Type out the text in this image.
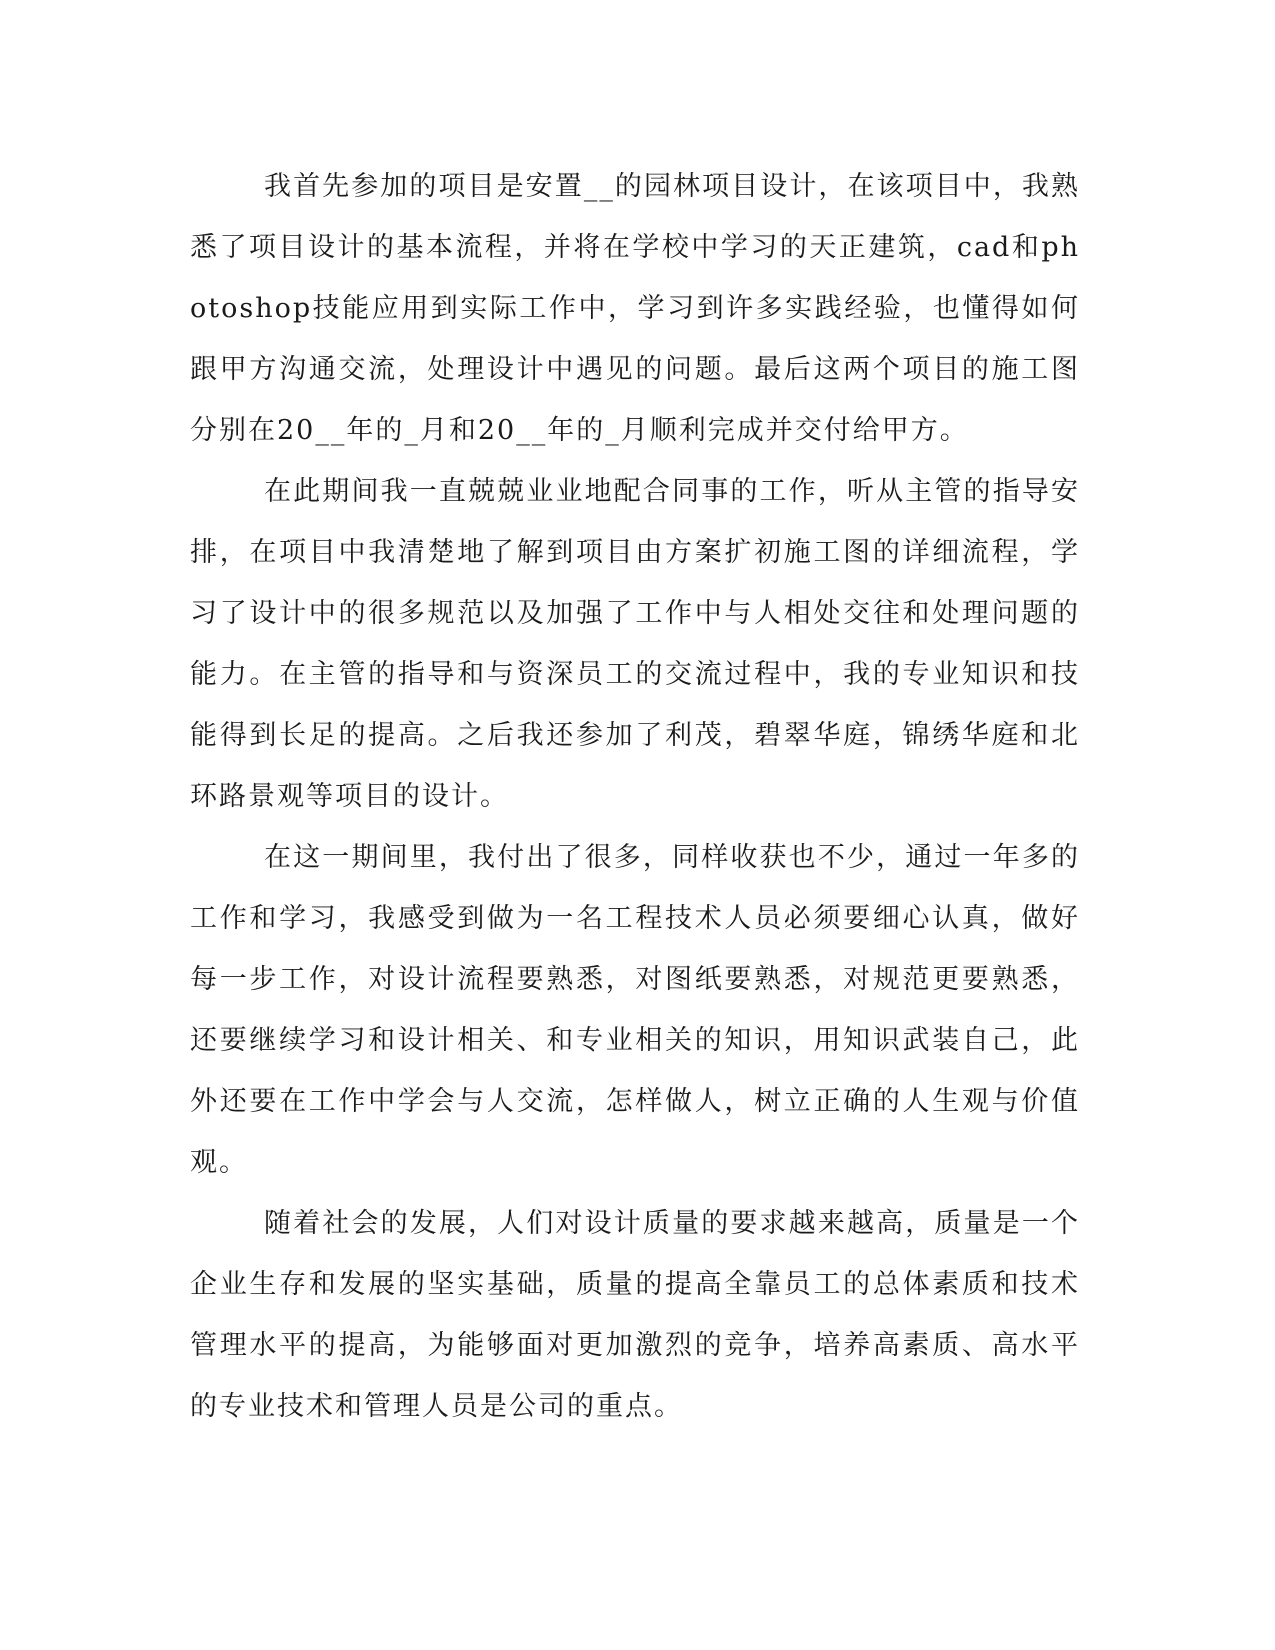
我首先参加的项目是安置__的园林项目设计，在该项目中，我熟悉了项目设计的基本流程，并将在学校中学习的天正建筑，cad和photoshop技能应用到实际工作中，学习到许多实践经验，也懂得如何跟甲方沟通交流，处理设计中遇见的问题。最后这两个项目的施工图分别在20__年的_月和20__年的_月顺利完成并交付给甲方。

在此期间我一直兢兢业业地配合同事的工作，听从主管的指导安排，在项目中我清楚地了解到项目由方案扩初施工图的详细流程，学习了设计中的很多规范以及加强了工作中与人相处交往和处理问题的能力。在主管的指导和与资深员工的交流过程中，我的专业知识和技能得到长足的提高。之后我还参加了利茂，碧翠华庭，锦绣华庭和北环路景观等项目的设计。

在这一期间里，我付出了很多，同样收获也不少，通过一年多的工作和学习，我感受到做为一名工程技术人员必须要细心认真，做好每一步工作，对设计流程要熟悉，对图纸要熟悉，对规范更要熟悉，还要继续学习和设计相关、和专业相关的知识，用知识武装自己，此外还要在工作中学会与人交流，怎样做人，树立正确的人生观与价值观。

随着社会的发展，人们对设计质量的要求越来越高，质量是一个企业生存和发展的坚实基础，质量的提高全靠员工的总体素质和技术管理水平的提高，为能够面对更加激烈的竞争，培养高素质、高水平的专业技术和管理人员是公司的重点。
